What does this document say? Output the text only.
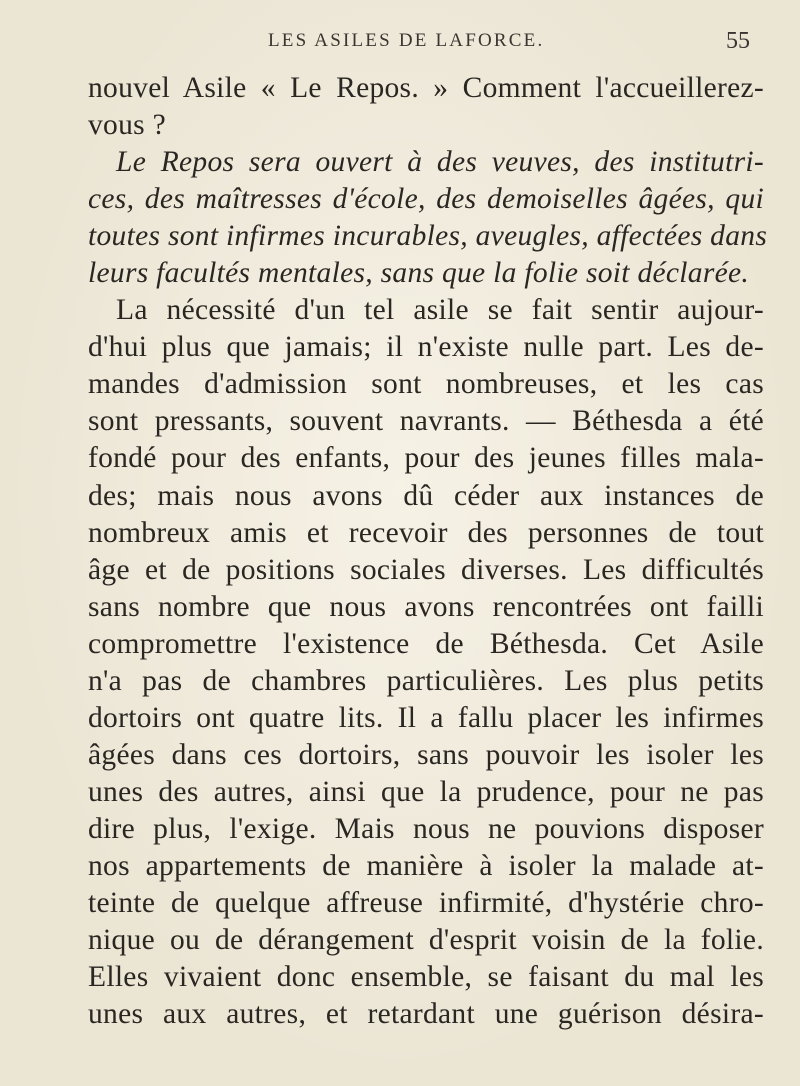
LES ASILES DE LAFORCE.	55
nouvel Asile « Le Repos. » Comment l'accueillerez-
vous ?
Le Repos sera ouvert à des veuves, des institutri-
ces, des maîtresses d'école, des demoiselles âgées, qui
toutes sont infirmes incurables, aveugles, affectées dans
leurs facultés mentales, sans que la folie soit déclarée.
La nécessité d'un tel asile se fait sentir aujour-
d'hui plus que jamais; il n'existe nulle part. Les de-
mandes d'admission sont nombreuses, et les cas
sont pressants, souvent navrants. — Béthesda a été
fondé pour des enfants, pour des jeunes filles mala-
des; mais nous avons dû céder aux instances de
nombreux amis et recevoir des personnes de tout
âge et de positions sociales diverses. Les difficultés
sans nombre que nous avons rencontrées ont failli
compromettre l'existence de Béthesda. Cet Asile
n'a pas de chambres particulières. Les plus petits
dortoirs ont quatre lits. Il a fallu placer les infirmes
âgées dans ces dortoirs, sans pouvoir les isoler les
unes des autres, ainsi que la prudence, pour ne pas
dire plus, l'exige. Mais nous ne pouvions disposer
nos appartements de manière à isoler la malade at-
teinte de quelque affreuse infirmité, d'hystérie chro-
nique ou de dérangement d'esprit voisin de la folie.
Elles vivaient donc ensemble, se faisant du mal les
unes aux autres, et retardant une guérison désira-
